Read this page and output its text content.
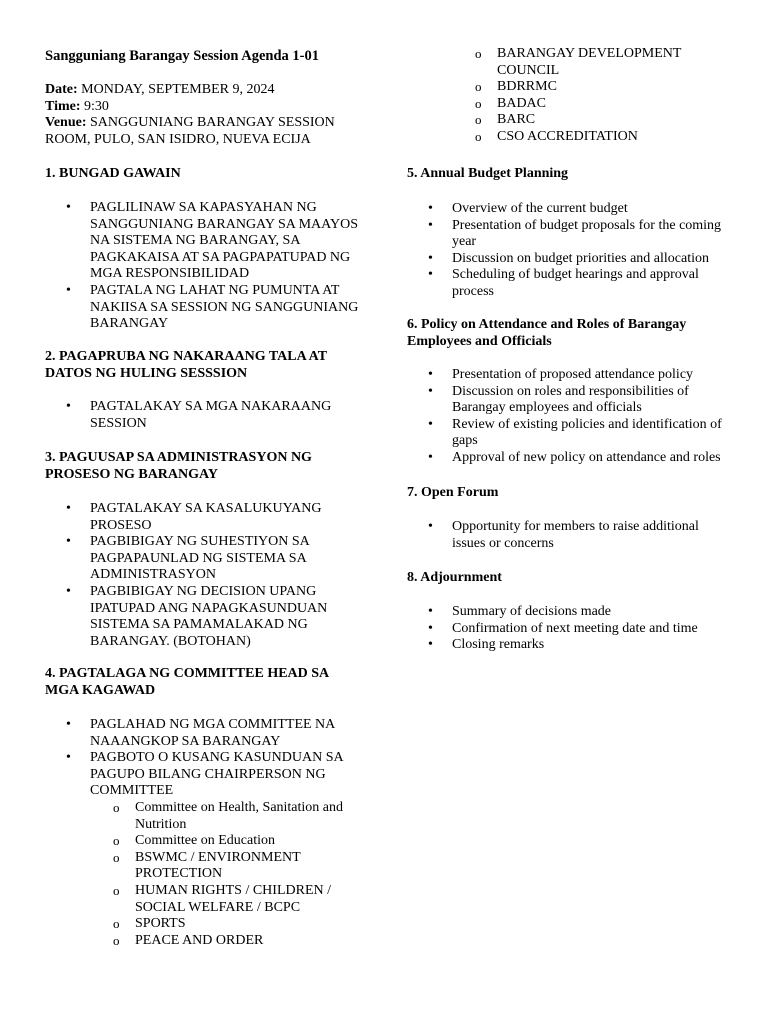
Sangguniang Barangay Session Agenda 1-01
Date: MONDAY, SEPTEMBER 9, 2024
Time: 9:30
Venue: SANGGUNIANG BARANGAY SESSION ROOM, PULO, SAN ISIDRO, NUEVA ECIJA
1. BUNGAD GAWAIN
• PAGLILINAW SA KAPASYAHAN NG SANGGUNIANG BARANGAY SA MAAYOS NA SISTEMA NG BARANGAY, SA PAGKAKAISA AT SA PAGPAPATUPAD NG MGA RESPONSIBILIDAD
• PAGTALA NG LAHAT NG PUMUNTA AT NAKIISA SA SESSION NG SANGGUNIANG BARANGAY
2. PAGAPRUBA NG NAKARAANG TALA AT DATOS NG HULING SESSSION
• PAGTALAKAY SA MGA NAKARAANG SESSION
3. PAGUUSAP SA ADMINISTRASYON NG PROSESO NG BARANGAY
• PAGTALAKAY SA KASALUKUYANG PROSESO
• PAGBIBIGAY NG SUHESTIYON SA PAGPAPAUNLAD NG SISTEMA SA ADMINISTRASYON
• PAGBIBIGAY NG DECISION UPANG IPATUPAD ANG NAPAGKASUNDUAN SISTEMA SA PAMAMALAKAD NG BARANGAY. (BOTOHAN)
4. PAGTALAGA NG COMMITTEE HEAD SA MGA KAGAWAD
• PAGLAHAD NG MGA COMMITTEE NA NAAANGKOP SA BARANGAY
• PAGBOTO O KUSANG KASUNDUAN SA PAGUPO BILANG CHAIRPERSON NG COMMITTEE
o Committee on Health, Sanitation and Nutrition
o Committee on Education
o BSWMC / ENVIRONMENT PROTECTION
o HUMAN RIGHTS / CHILDREN / SOCIAL WELFARE / BCPC
o SPORTS
o PEACE AND ORDER
o BARANGAY DEVELOPMENT COUNCIL
o BDRRMC
o BADAC
o BARC
o CSO ACCREDITATION
5. Annual Budget Planning
• Overview of the current budget
• Presentation of budget proposals for the coming year
• Discussion on budget priorities and allocation
• Scheduling of budget hearings and approval process
6. Policy on Attendance and Roles of Barangay Employees and Officials
• Presentation of proposed attendance policy
• Discussion on roles and responsibilities of Barangay employees and officials
• Review of existing policies and identification of gaps
• Approval of new policy on attendance and roles
7. Open Forum
• Opportunity for members to raise additional issues or concerns
8. Adjournment
• Summary of decisions made
• Confirmation of next meeting date and time
• Closing remarks
